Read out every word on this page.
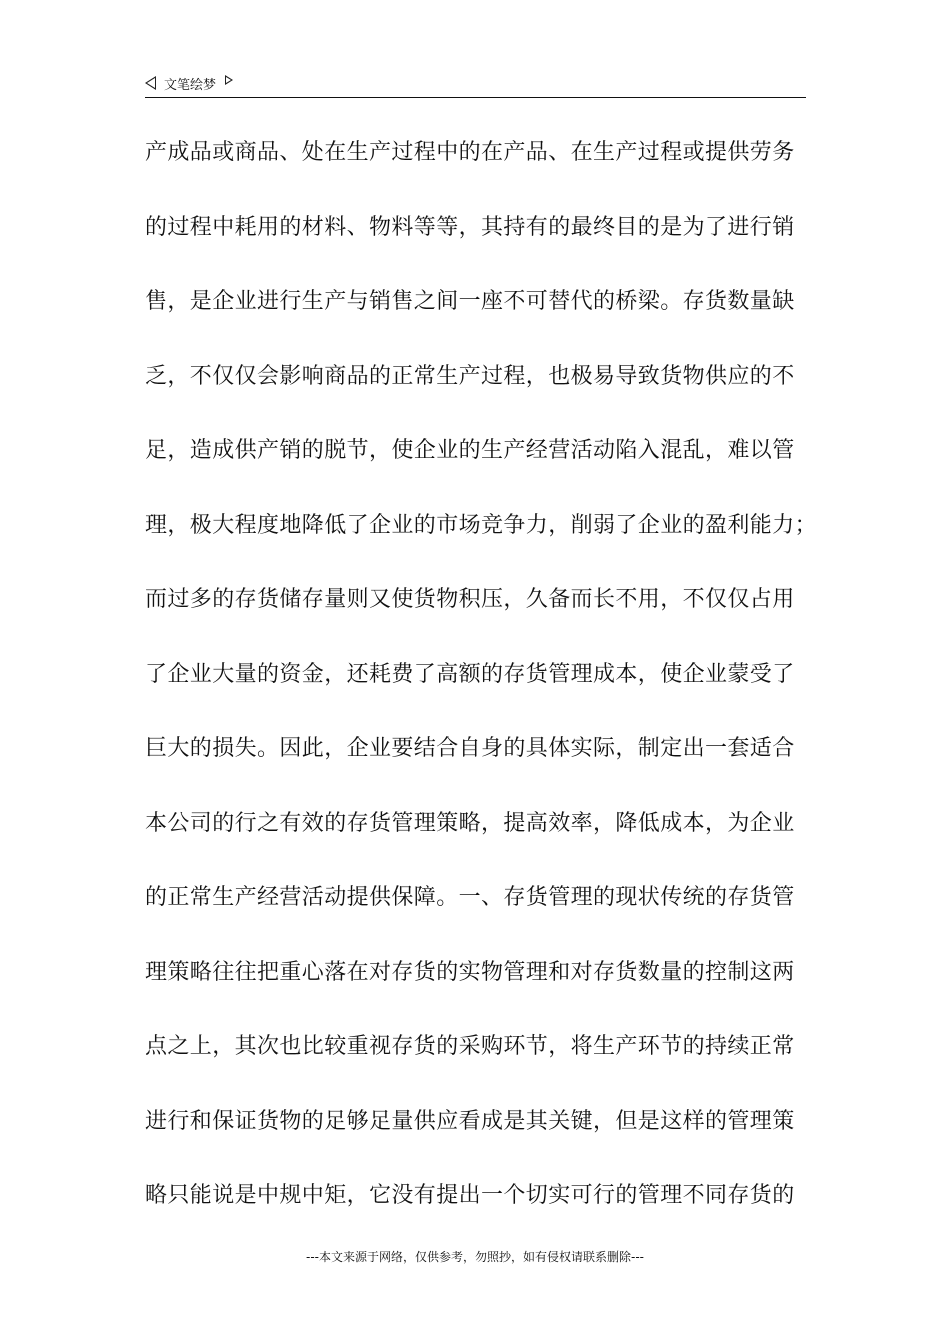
文笔绘梦
产成品或商品、处在生产过程中的在产品、在生产过程或提供劳务
的过程中耗用的材料、物料等等，其持有的最终目的是为了进行销
售，是企业进行生产与销售之间一座不可替代的桥梁。存货数量缺
乏，不仅仅会影响商品的正常生产过程，也极易导致货物供应的不
足，造成供产销的脱节，使企业的生产经营活动陷入混乱，难以管
理，极大程度地降低了企业的市场竞争力，削弱了企业的盈利能力；
而过多的存货储存量则又使货物积压，久备而长不用，不仅仅占用
了企业大量的资金，还耗费了高额的存货管理成本，使企业蒙受了
巨大的损失。因此，企业要结合自身的具体实际，制定出一套适合
本公司的行之有效的存货管理策略，提高效率，降低成本，为企业
的正常生产经营活动提供保障。一、存货管理的现状传统的存货管
理策略往往把重心落在对存货的实物管理和对存货数量的控制这两
点之上，其次也比较重视存货的采购环节，将生产环节的持续正常
进行和保证货物的足够足量供应看成是其关键，但是这样的管理策
略只能说是中规中矩，它没有提出一个切实可行的管理不同存货的
---本文来源于网络，仅供参考，勿照抄，如有侵权请联系删除---
